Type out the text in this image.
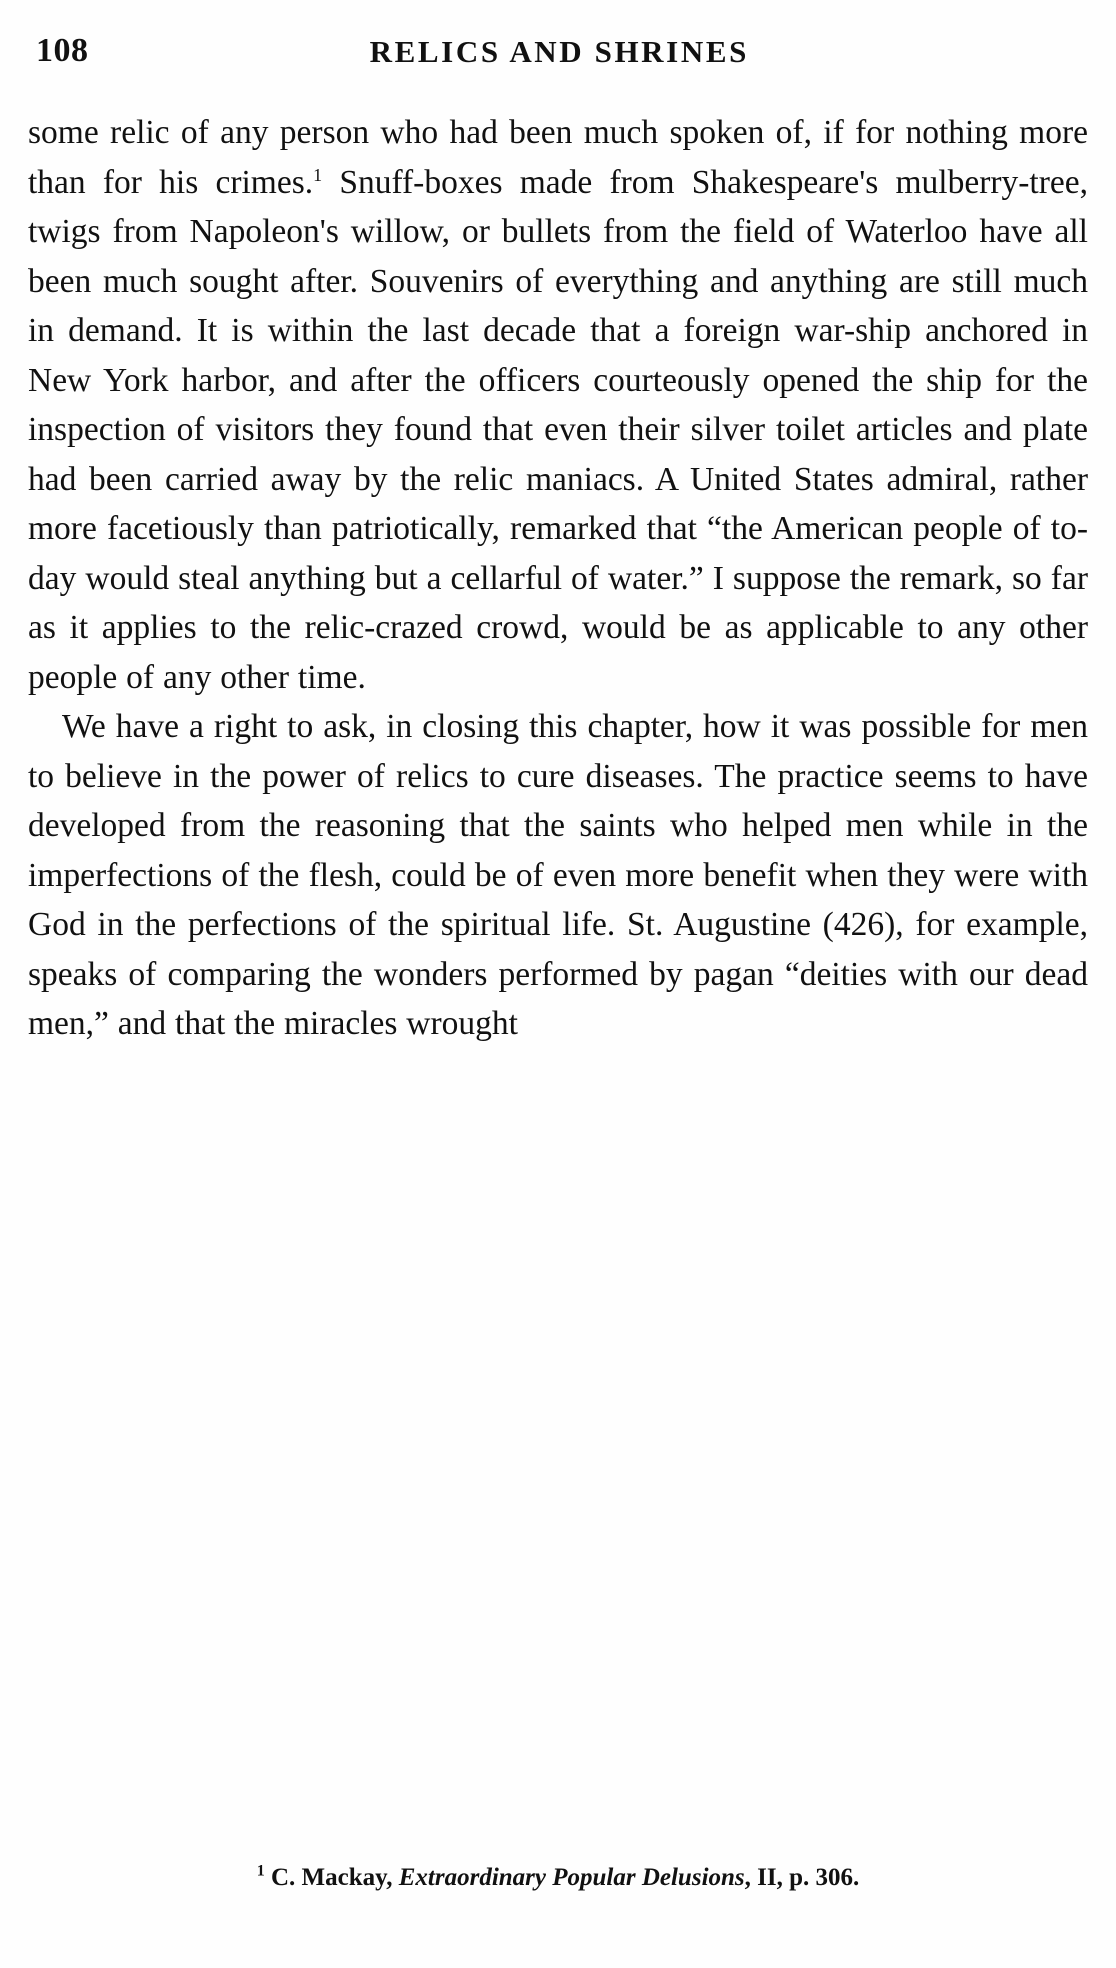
108	RELICS AND SHRINES

some relic of any person who had been much spoken of, if for nothing more than for his crimes.$^1$ Snuff-boxes made from Shakespeare's mulberry-tree, twigs from Napoleon's willow, or bullets from the field of Waterloo have all been much sought after. Souvenirs of everything and anything are still much in demand. It is within the last decade that a foreign war-ship anchored in New York harbor, and after the officers courteously opened the ship for the inspection of visitors they found that even their silver toilet articles and plate had been carried away by the relic maniacs. A United States admiral, rather more facetiously than patriotically, remarked that “the American people of to-day would steal anything but a cellarful of water.” I suppose the remark, so far as it applies to the relic-crazed crowd, would be as applicable to any other people of any other time.

We have a right to ask, in closing this chapter, how it was possible for men to believe in the power of relics to cure diseases. The practice seems to have developed from the reasoning that the saints who helped men while in the imperfections of the flesh, could be of even more benefit when they were with God in the perfections of the spiritual life. St. Augustine (426), for example, speaks of comparing the wonders performed by pagan “deities with our dead men,” and that the miracles wrought

$^1$ C. Mackay, Extraordinary Popular Delusions, II, p. 306.
